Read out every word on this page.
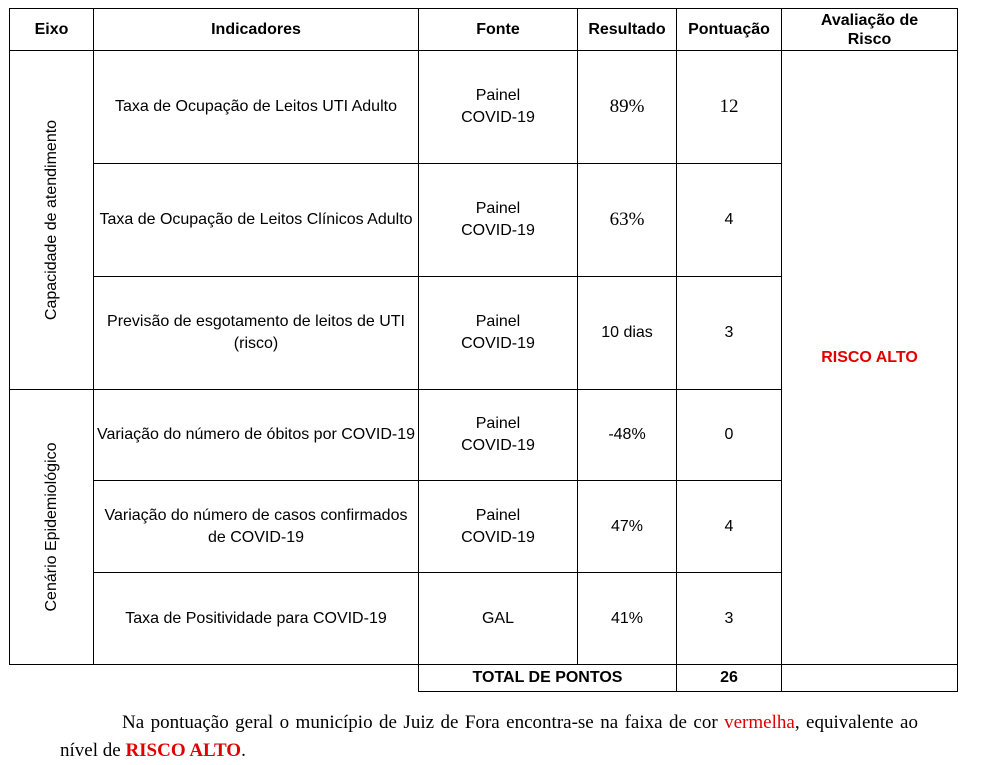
Eixo	Indicadores	Fonte	Resultado	Pontuação	Avaliação de Risco

Capacidade de atendimento	Taxa de Ocupação de Leitos UTI Adulto	Painel COVID-19	89%	12	RISCO ALTO
	Taxa de Ocupação de Leitos Clínicos Adulto	Painel COVID-19	63%	4	
	Previsão de esgotamento de leitos de UTI (risco)	Painel COVID-19	10 dias	3	

Cenário Epidemiológico	Variação do número de óbitos por COVID-19	Painel COVID-19	-48%	0	
	Variação do número de casos confirmados de COVID-19	Painel COVID-19	47%	4	
	Taxa de Positividade para COVID-19	GAL	41%	3	
		TOTAL DE PONTOS		26	

Na pontuação geral o município de Juiz de Fora encontra-se na faixa de cor vermelha, equivalente ao nível de RISCO ALTO.
